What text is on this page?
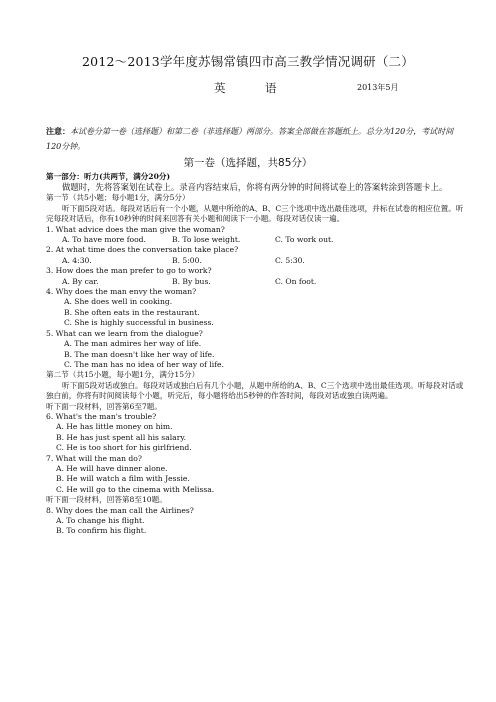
2012～2013学年度苏锡常镇四市高三教学情况调研（二）
英　语	2013年5月
注意：本试卷分第一卷（选择题）和第二卷（非选择题）两部分。答案全部做在答题纸上。总分为120分，考试时间120分钟。
第一卷（选择题，共85分）
第一部分：听力(共两节，满分20分)
做题时，先将答案划在试卷上。录音内容结束后，你将有两分钟的时间将试卷上的答案转涂到答题卡上。
第一节（共5小题；每小题1分，满分5分）
听下面5段对话。每段对话后有一个小题，从题中所给的A、B、C三个选项中选出最佳选项，并标在试卷的相应位置。听完每段对话后，你有10秒钟的时间来回答有关小题和阅读下一小题。每段对话仅读一遍。
1. What advice does the man give the woman?
A. To have more food.	B. To lose weight.	C. To work out.
2. At what time does the conversation take place?
A. 4:30.	B. 5:00.	C. 5:30.
3. How does the man prefer to go to work?
A. By car.	B. By bus.	C. On foot.
4. Why does the man envy the woman?
A. She does well in cooking.
B. She often eats in the restaurant.
C. She is highly successful in business.
5. What can we learn from the dialogue?
A. The man admires her way of life.
B. The man doesn't like her way of life.
C. The man has no idea of her way of life.
第二节（共15小题，每小题1分，满分15分）
听下面5段对话或独白。每段对话或独白后有几个小题，从题中所给的A、B、C三个选项中选出最佳选项。听每段对话或独白前，你将有时间阅读每个小题，听完后，每小题将给出5秒钟的作答时间，每段对话或独白读两遍。
听下面一段材料，回答第6至7题。
6. What's the man's trouble?
A. He has little money on him.
B. He has just spent all his salary.
C. He is too short for his girlfriend.
7. What will the man do?
A. He will have dinner alone.
B. He will watch a film with Jessie.
C. He will go to the cinema with Melissa.
听下面一段材料，回答第8至10题。
8. Why does the man call the Airlines?
A. To change his flight.
B. To confirm his flight.
